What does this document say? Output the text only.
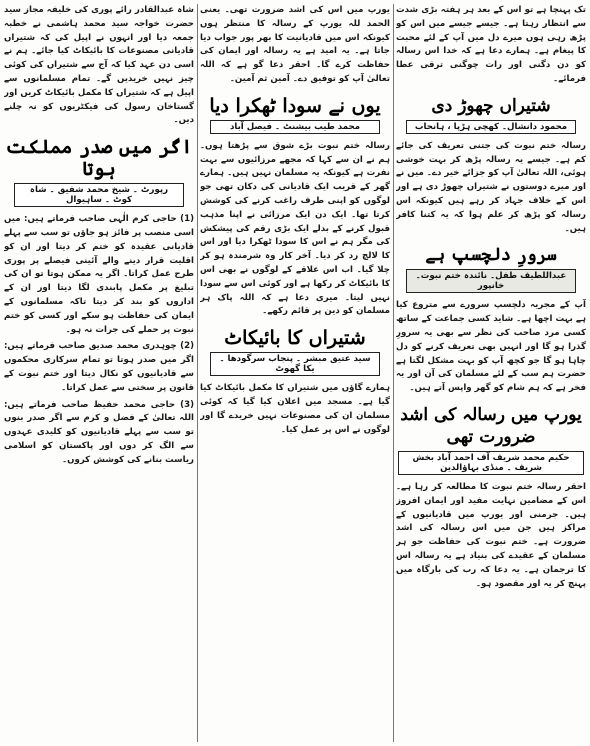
تک پہنچا ہے تو اس کے بعد ہر ہفتہ بڑی شدت سے انتظار رہتا ہے۔ جیسے جیسے میں اس کو پڑھ رہی ہوں میرے دل میں آپ کے لئے محبت کا پیغام ہے۔ ہمارے دعا ہے کہ خدا اس رسالہ کو دن دگنی اور رات چوگنی ترقی عطا فرمائے۔

شتیراں چھوڑ دی
محمود دانشال۔ کھچی ہڑپا ، ہانحاب

رسالہ ختم نبوت کی جتنی تعریف کی جائے کم ہے۔ جیسے یہ رسالہ پڑھ کر بہت خوشی ہوئی، اللہ تعالیٰ آپ کو جزائے خیر دے۔ میں نے اور میرے دوستوں نے شتیراں چھوڑ دی ہے اور اس کے خلاف جہاد کر رہے ہیں کیونکہ اس رسالہ کو پڑھ کر علم ہوا کہ یہ کتنا کافر ہیں۔

سرورِ دلچسپ ہے
عبداللطیف طفل۔ نائندہ ختم نبوت۔ خانپور

آپ کے مجریہ دلچسپ سرورے سے متروع کیا ہے بہت اچھا ہے۔ شاید کسی جماعت کے ساتھ کسی مرد صاحب کی نظر سے بھی یہ سرورِ گذرا ہو گا اور انہیں بھی تعریف کرنے کو دل چاہا ہو گا جو کچھ آپ کو بہت مشکل لگتا ہے حضرت ہم سب کے لئے مسلمان کی آن اور یہ فخر ہے کہ ہم شام کو گھر واپس آتے ہیں۔

یورپ میں رسالہ کی اشد ضرورت تھی
حکیم محمد شریف آف احمد آباد بخش شریف ۔ منڈی بہاؤالدین

احقر رسالہ ختم نبوت کا مطالعہ کر رہا ہے۔ اس کے مضامین نہایت مفید اور ایمان افروز ہیں۔ جرمنی اور یورپ میں قادیانیوں کے مراکز ہیں جن میں اس رسالہ کی اشد ضرورت ہے۔ ختم نبوت کی حفاظت جو ہر مسلمان کے عقیدے کی بنیاد ہے یہ رسالہ اس کا ترجمان ہے۔ یہ دعا کہ رب کی بارگاہ میں پہنچ کر یہ اور مقصود ہو۔

یورپ میں اس کی اشد ضرورت تھی۔ یعنی الحمد للہ یورپ کے رسالہ کا منتظر ہوں کیونکہ اس میں قادیانیت کا بھر پور جواب دیا جاتا ہے۔ یہ امید ہے یہ رسالہ اور ایمان کی حفاظت کرے گا۔ احقر دعا گو ہے کہ اللہ تعالیٰ آپ کو توفیق دے۔ آمین ثم آمین۔

یوں نے سودا ٹھکرا دیا
محمد طیب بیشنٹ ۔ فیصل آباد

رسالہ ختم نبوت بڑے شوق سے پڑھتا ہوں۔ ہم نے ان سے کہا کہ مجھے مرزائیوں سے بہت نفرت ہے کیونکہ یہ مسلمان نہیں ہیں۔ ہمارے گھر کے قریب ایک قادیانی کی دکان تھی جو لوگوں کو اپنی طرف راغب کرنے کی کوشش کرتا تھا۔ ایک دن ایک مرزائی نے اپنا مذہب قبول کرنے کے بدلے ایک بڑی رقم کی پیشکش کی مگر ہم نے اس کا سودا ٹھکرا دیا اور اس کا لالچ رد کر دیا۔ آخر کار وہ شرمندہ ہو کر چلا گیا۔ اب اس علاقے کے لوگوں نے بھی اس کا بائیکاٹ کر رکھا ہے اور کوئی اس سے سودا نہیں لیتا۔ میری دعا ہے کہ اللہ پاک ہر مسلمان کو دین پر قائم رکھے۔

شتیراں کا بائیکاٹ
سید عتیق مبشر ۔ پنجاب سرگودھا ۔ یکا گھوٹ

ہمارے گاؤں میں شتیراں کا مکمل بائیکاٹ کیا گیا ہے۔ مسجد میں اعلان کیا گیا کہ کوئی مسلمان ان کی مصنوعات نہیں خریدے گا اور لوگوں نے اس پر عمل کیا۔

شاہ عبدالقادر رائے پوری کی خلیفہ مجاز سید حضرت خواجہ سید محمد ہاشمی نے خطبہ جمعہ دیا اور انہوں نے اپیل کی کہ شتیراں قادیانی مصنوعات کا بائیکاٹ کیا جائے۔ ہم نے اسی دن عہد کیا کہ آج سے شتیراں کی کوئی چیز نہیں خریدیں گے۔ تمام مسلمانوں سے اپیل ہے کہ شتیراں کا مکمل بائیکاٹ کریں اور گستاخان رسول کی فیکٹریوں کو نہ چلنے دیں۔

اگر میں صدر مملکت ہوتا
رپورٹ ۔ شیخ محمد شفیق ۔ شاہ کوٹ ۔ ساہیوال

(1) حاجی کرم الٰہی صاحب فرماتے ہیں: میں اسی منصب پر فائز ہو جاؤں تو سب سے پہلے قادیانی عقیدہ کو ختم کر دیتا اور ان کو اقلیت قرار دینے والے آئینی فیصلے پر پوری طرح عمل کراتا۔ اگر یہ ممکن ہوتا تو ان کی تبلیغ پر مکمل پابندی لگا دیتا اور ان کے اداروں کو بند کر دیتا تاکہ مسلمانوں کے ایمان کی حفاظت ہو سکے اور کسی کو ختم نبوت پر حملے کی جرات نہ ہو۔

(2) چوہدری محمد صدیق صاحب فرماتے ہیں: اگر میں صدر ہوتا تو تمام سرکاری محکموں سے قادیانیوں کو نکال دیتا اور ختم نبوت کے قانون پر سختی سے عمل کراتا۔

(3) حاجی محمد حفیظ صاحب فرماتے ہیں: اللہ تعالیٰ کے فضل و کرم سے اگر صدر بنوں تو سب سے پہلے قادیانیوں کو کلیدی عہدوں سے الگ کر دوں اور پاکستان کو اسلامی ریاست بنانے کی کوشش کروں۔
